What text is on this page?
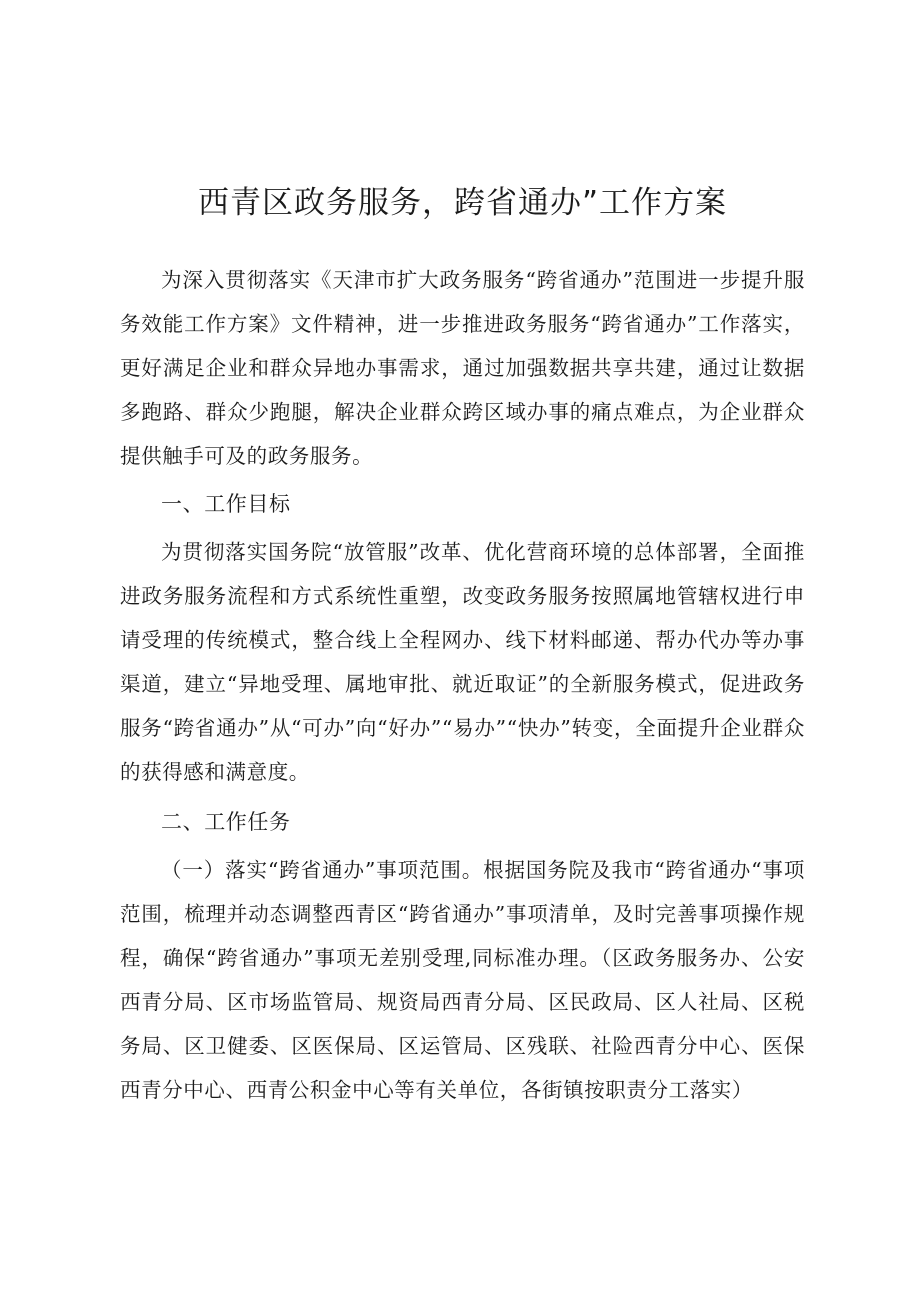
西青区政务服务，跨省通办”工作方案

为深入贯彻落实《天津市扩大政务服务“跨省通办”范围进一步提升服务效能工作方案》文件精神，进一步推进政务服务“跨省通办”工作落实，更好满足企业和群众异地办事需求，通过加强数据共享共建，通过让数据多跑路、群众少跑腿，解决企业群众跨区域办事的痛点难点，为企业群众提供触手可及的政务服务。

一、工作目标

为贯彻落实国务院“放管服”改革、优化营商环境的总体部署，全面推进政务服务流程和方式系统性重塑，改变政务服务按照属地管辖权进行申请受理的传统模式，整合线上全程网办、线下材料邮递、帮办代办等办事渠道，建立“异地受理、属地审批、就近取证”的全新服务模式，促进政务服务“跨省通办”从“可办”向“好办”“易办”“快办”转变，全面提升企业群众的获得感和满意度。

二、工作任务

（一）落实“跨省通办”事项范围。根据国务院及我市“跨省通办“事项范围，梳理并动态调整西青区“跨省通办”事项清单，及时完善事项操作规程，确保“跨省通办”事项无差别受理,同标准办理。（区政务服务办、公安西青分局、区市场监管局、规资局西青分局、区民政局、区人社局、区税务局、区卫健委、区医保局、区运管局、区残联、社险西青分中心、医保西青分中心、西青公积金中心等有关单位，各街镇按职责分工落实）
